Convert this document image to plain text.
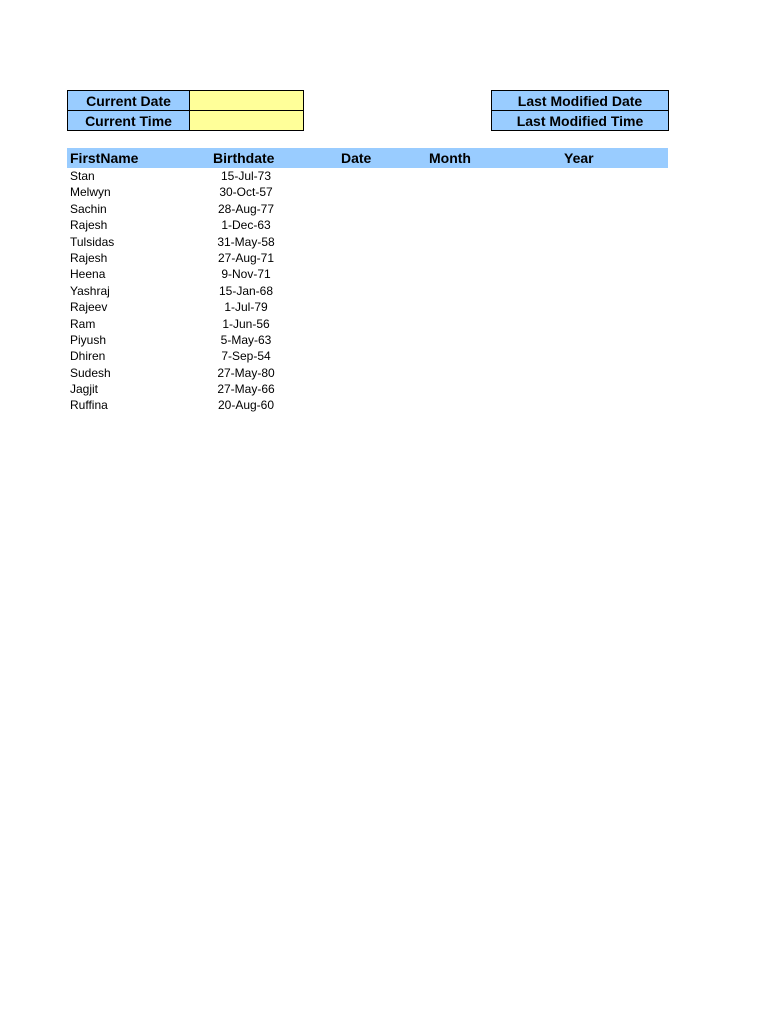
Current Date	
Current Time	
Last Modified Date
Last Modified Time
FirstName	Birthdate	Date	Month	Year
Stan	15-Jul-73
Melwyn	30-Oct-57
Sachin	28-Aug-77
Rajesh	1-Dec-63
Tulsidas	31-May-58
Rajesh	27-Aug-71
Heena	9-Nov-71
Yashraj	15-Jan-68
Rajeev	1-Jul-79
Ram	1-Jun-56
Piyush	5-May-63
Dhiren	7-Sep-54
Sudesh	27-May-80
Jagjit	27-May-66
Ruffina	20-Aug-60
